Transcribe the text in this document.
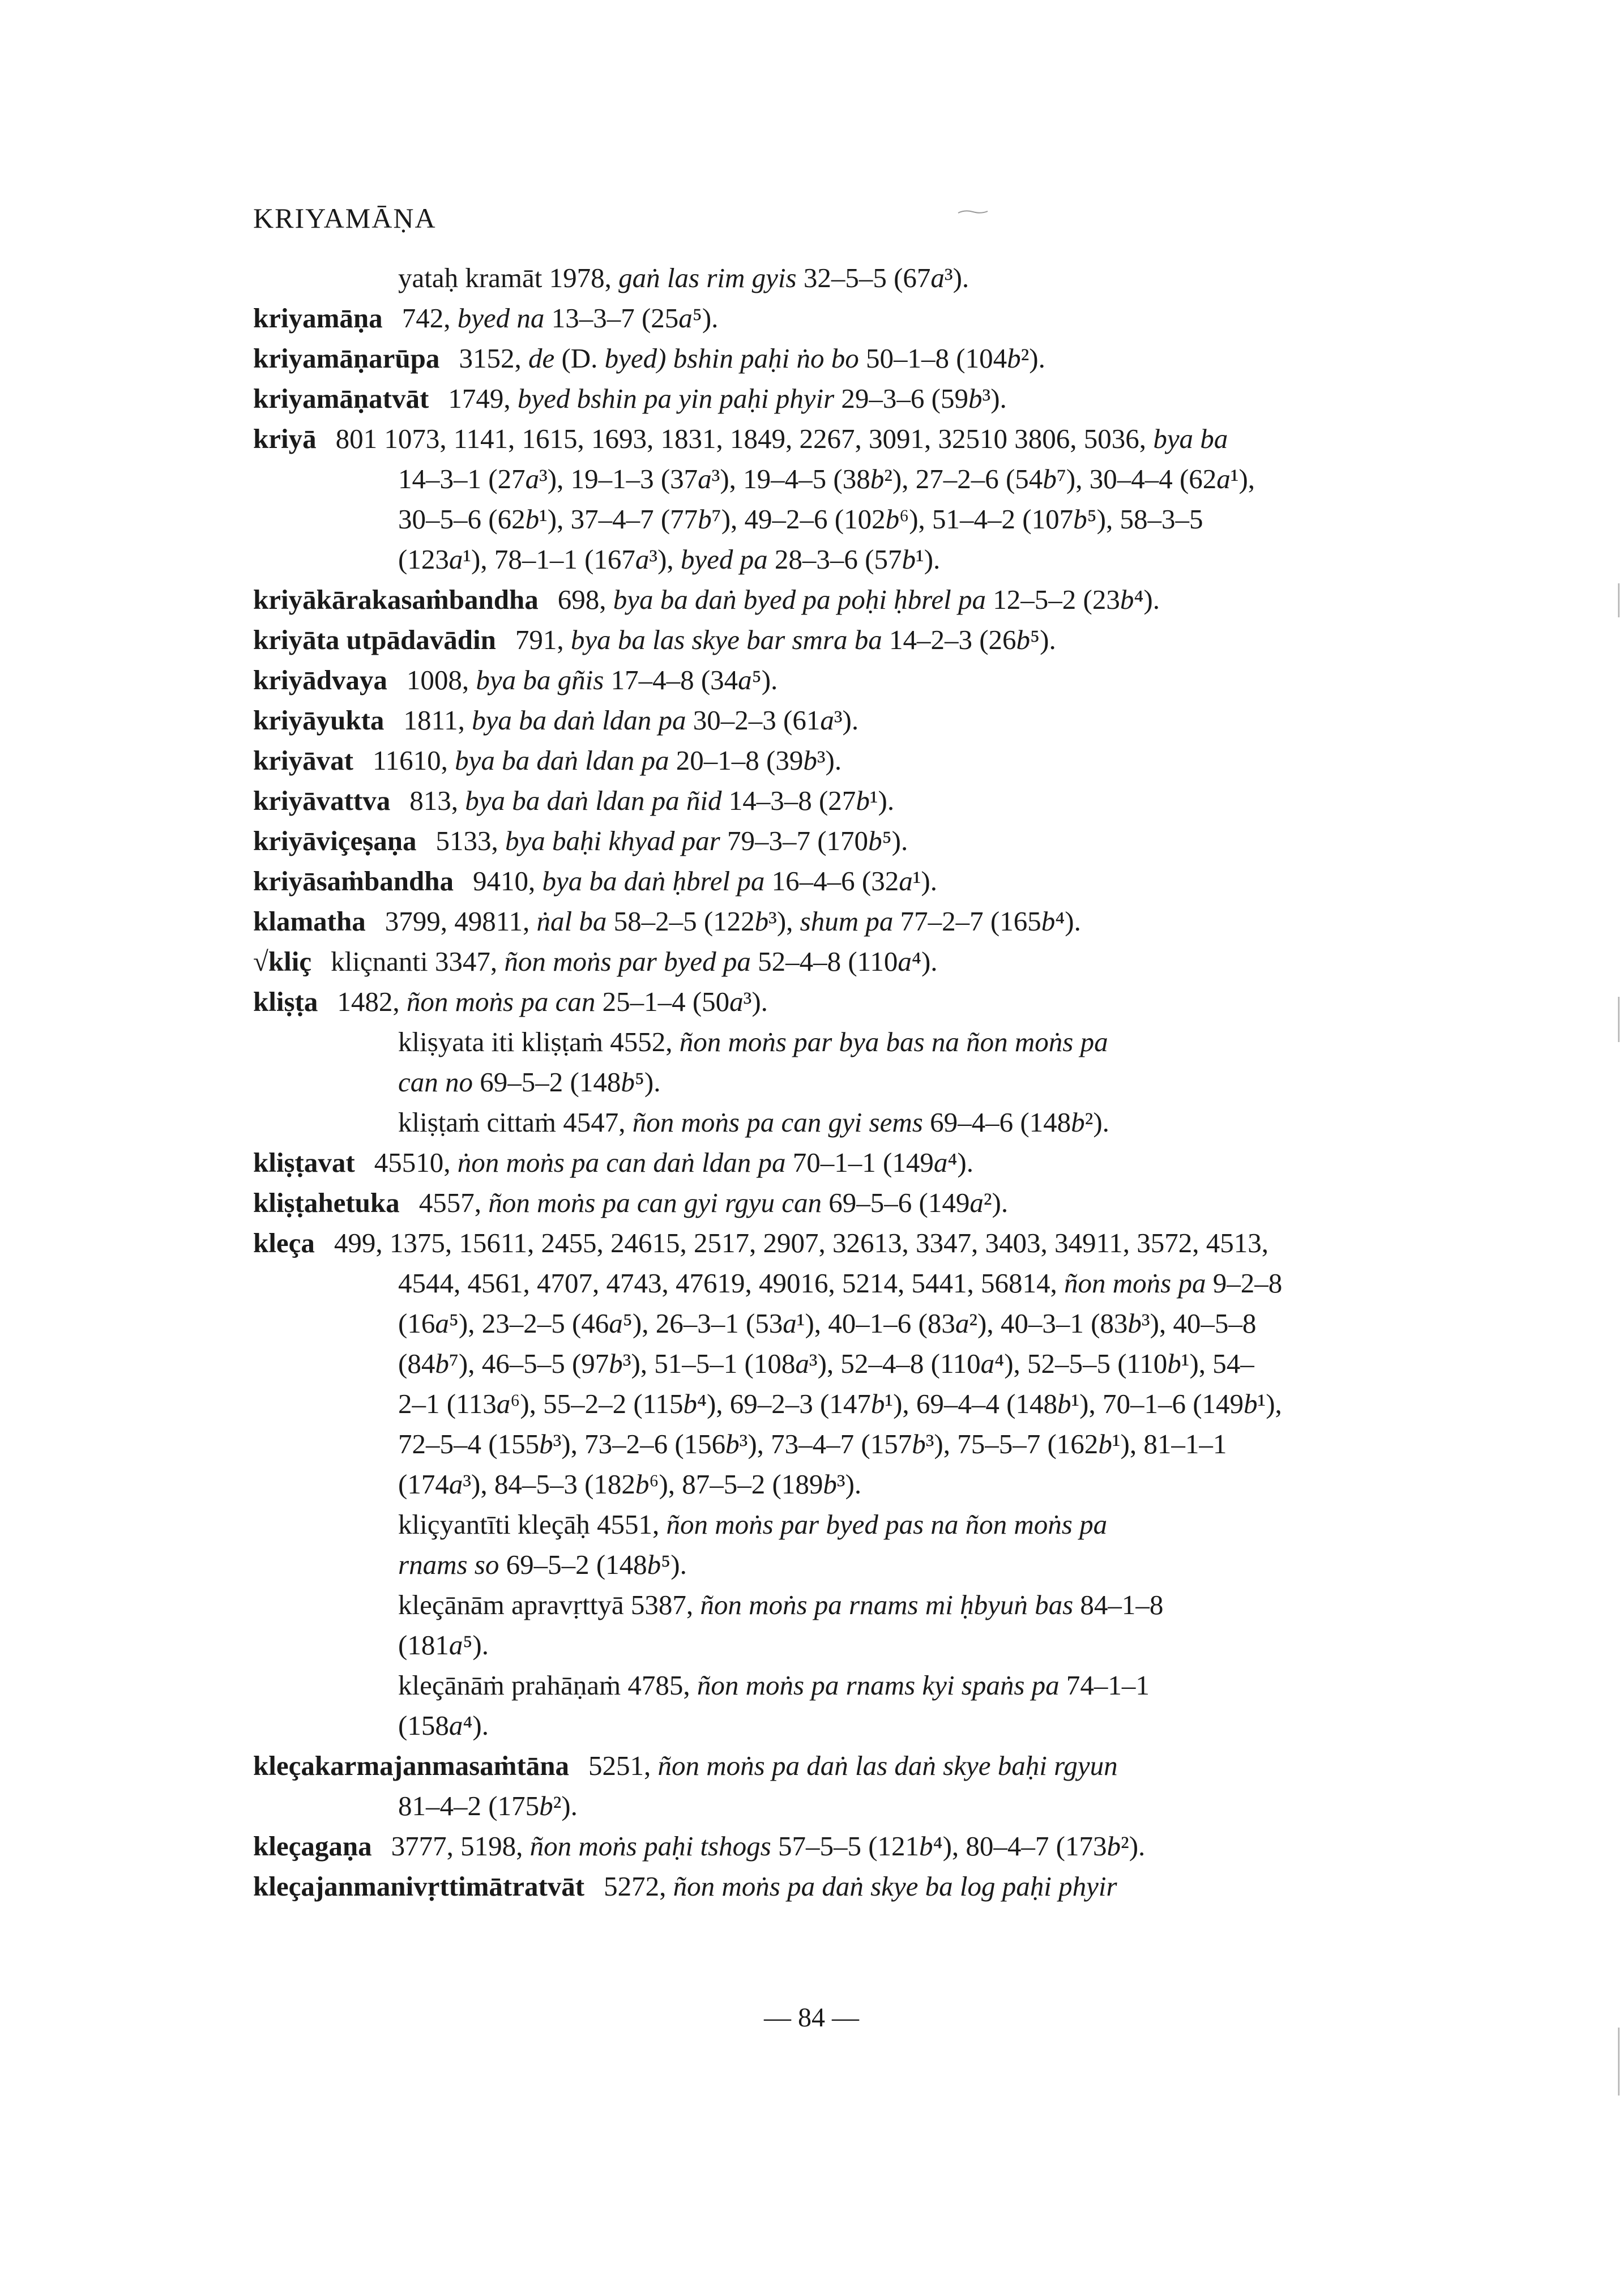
KRIYAMĀṆA
yataḥ kramāt 1978, gaṅ las rim gyis 32–5–5 (67a³).
kriyamāṇa 742, byed na 13–3–7 (25a⁵).
kriyamāṇarūpa 3152, de (D. byed) bshin paḥi ṅo bo 50–1–8 (104b²).
kriyamāṇatvāt 1749, byed bshin pa yin paḥi phyir 29–3–6 (59b³).
kriyā 801 1073, 1141, 1615, 1693, 1831, 1849, 2267, 3091, 32510 3806, 5036, bya ba
14–3–1 (27a³), 19–1–3 (37a³), 19–4–5 (38b²), 27–2–6 (54b⁷), 30–4–4 (62a¹),
30–5–6 (62b¹), 37–4–7 (77b⁷), 49–2–6 (102b⁶), 51–4–2 (107b⁵), 58–3–5
(123a¹), 78–1–1 (167a³), byed pa 28–3–6 (57b¹).
kriyākārakasaṁbandha 698, bya ba daṅ byed pa poḥi ḥbrel pa 12–5–2 (23b⁴).
kriyāta utpādavādin 791, bya ba las skye bar smra ba 14–2–3 (26b⁵).
kriyādvaya 1008, bya ba gñis 17–4–8 (34a⁵).
kriyāyukta 1811, bya ba daṅ ldan pa 30–2–3 (61a³).
kriyāvat 11610, bya ba daṅ ldan pa 20–1–8 (39b³).
kriyāvattva 813, bya ba daṅ ldan pa ñid 14–3–8 (27b¹).
kriyāviçeṣaṇa 5133, bya baḥi khyad par 79–3–7 (170b⁵).
kriyāsaṁbandha 9410, bya ba daṅ ḥbrel pa 16–4–6 (32a¹).
klamatha 3799, 49811, ṅal ba 58–2–5 (122b³), shum pa 77–2–7 (165b⁴).
√kliç kliçnanti 3347, ñon moṅs par byed pa 52–4–8 (110a⁴).
kliṣṭa 1482, ñon moṅs pa can 25–1–4 (50a³).
kliṣyata iti kliṣṭaṁ 4552, ñon moṅs par bya bas na ñon moṅs pa
can no 69–5–2 (148b⁵).
kliṣṭaṁ cittaṁ 4547, ñon moṅs pa can gyi sems 69–4–6 (148b²).
kliṣṭavat 45510, ṅon moṅs pa can daṅ ldan pa 70–1–1 (149a⁴).
kliṣṭahetuka 4557, ñon moṅs pa can gyi rgyu can 69–5–6 (149a²).
kleça 499, 1375, 15611, 2455, 24615, 2517, 2907, 32613, 3347, 3403, 34911, 3572, 4513,
4544, 4561, 4707, 4743, 47619, 49016, 5214, 5441, 56814, ñon moṅs pa 9–2–8
(16a⁵), 23–2–5 (46a⁵), 26–3–1 (53a¹), 40–1–6 (83a²), 40–3–1 (83b³), 40–5–8
(84b⁷), 46–5–5 (97b³), 51–5–1 (108a³), 52–4–8 (110a⁴), 52–5–5 (110b¹), 54–
2–1 (113a⁶), 55–2–2 (115b⁴), 69–2–3 (147b¹), 69–4–4 (148b¹), 70–1–6 (149b¹),
72–5–4 (155b³), 73–2–6 (156b³), 73–4–7 (157b³), 75–5–7 (162b¹), 81–1–1
(174a³), 84–5–3 (182b⁶), 87–5–2 (189b³).
kliçyantīti kleçāḥ 4551, ñon moṅs par byed pas na ñon moṅs pa
rnams so 69–5–2 (148b⁵).
kleçānām apravṛttyā 5387, ñon moṅs pa rnams mi ḥbyuṅ bas 84–1–8
(181a⁵).
kleçānāṁ prahāṇaṁ 4785, ñon moṅs pa rnams kyi spaṅs pa 74–1–1
(158a⁴).
kleçakarmajanmasaṁtāna 5251, ñon moṅs pa daṅ las daṅ skye baḥi rgyun
81–4–2 (175b²).
kleçagaṇa 3777, 5198, ñon moṅs paḥi tshogs 57–5–5 (121b⁴), 80–4–7 (173b²).
kleçajanmanivṛttimātratvāt 5272, ñon moṅs pa daṅ skye ba log paḥi phyir
— 84 —
